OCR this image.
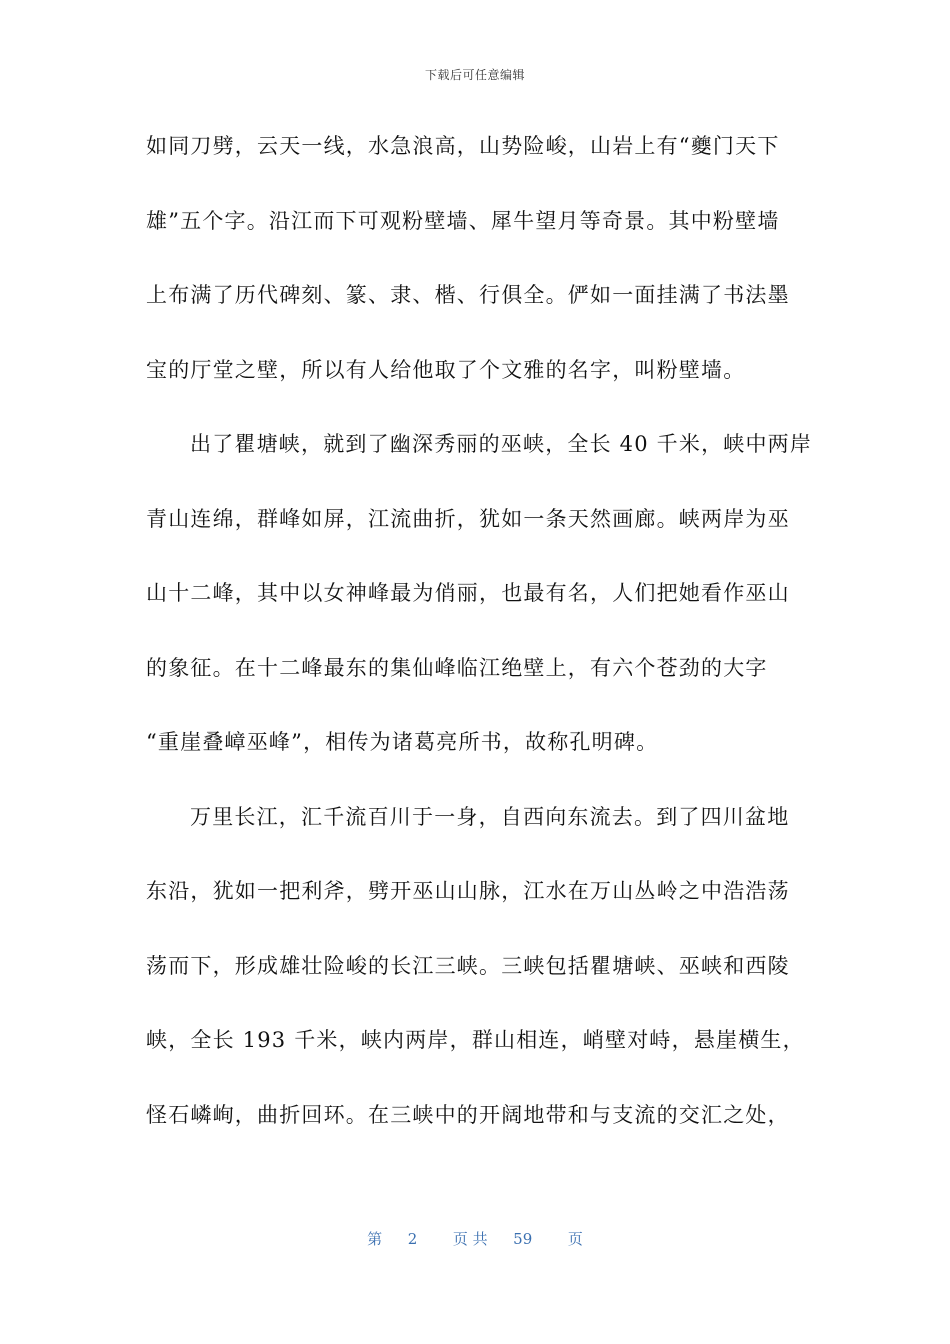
下载后可任意编辑
如同刀劈，云天一线，水急浪高，山势险峻，山岩上有“夔门天下
雄”五个字。沿江而下可观粉壁墙、犀牛望月等奇景。其中粉壁墙
上布满了历代碑刻、篆、隶、楷、行俱全。俨如一面挂满了书法墨
宝的厅堂之壁，所以有人给他取了个文雅的名字，叫粉壁墙。
出了瞿塘峡，就到了幽深秀丽的巫峡，全长 40 千米，峡中两岸
青山连绵，群峰如屏，江流曲折，犹如一条天然画廊。峡两岸为巫
山十二峰，其中以女神峰最为俏丽，也最有名，人们把她看作巫山
的象征。在十二峰最东的集仙峰临江绝壁上，有六个苍劲的大字
“重崖叠嶂巫峰”，相传为诸葛亮所书，故称孔明碑。
万里长江，汇千流百川于一身，自西向东流去。到了四川盆地
东沿，犹如一把利斧，劈开巫山山脉，江水在万山丛岭之中浩浩荡
荡而下，形成雄壮险峻的长江三峡。三峡包括瞿塘峡、巫峡和西陵
峡，全长 193 千米，峡内两岸，群山相连，峭壁对峙，悬崖横生，
怪石嶙峋，曲折回环。在三峡中的开阔地带和与支流的交汇之处，
第 2 页 共 59 页
